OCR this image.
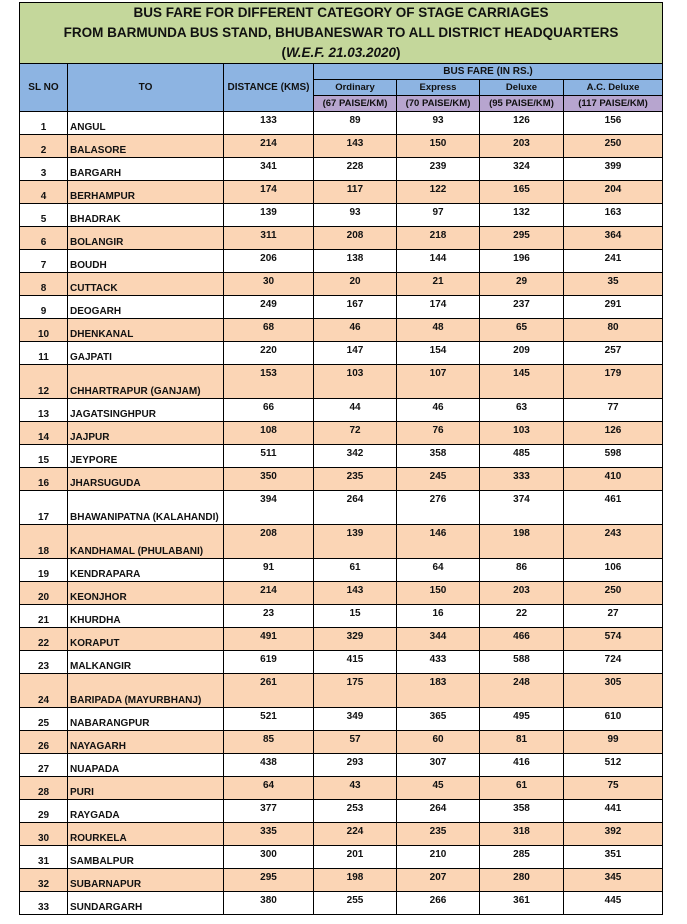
BUS FARE FOR DIFFERENT CATEGORY OF STAGE CARRIAGES
FROM BARMUNDA BUS STAND, BHUBANESWAR TO ALL DISTRICT HEADQUARTERS
(W.E.F. 21.03.2020)						

SL NO	TO	DISTANCE (KMS)	BUS FARE (IN RS.)			
			Ordinary	Express	Deluxe	A.C. Deluxe
			(67 PAISE/KM)	(70 PAISE/KM)	(95 PAISE/KM)	(117 PAISE/KM)
1	ANGUL	133	89	93	126	156
2	BALASORE	214	143	150	203	250
3	BARGARH	341	228	239	324	399
4	BERHAMPUR	174	117	122	165	204
5	BHADRAK	139	93	97	132	163
6	BOLANGIR	311	208	218	295	364
7	BOUDH	206	138	144	196	241
8	CUTTACK	30	20	21	29	35
9	DEOGARH	249	167	174	237	291
10	DHENKANAL	68	46	48	65	80
11	GAJPATI	220	147	154	209	257
12	CHHARTRAPUR (GANJAM)	153	103	107	145	179
13	JAGATSINGHPUR	66	44	46	63	77
14	JAJPUR	108	72	76	103	126
15	JEYPORE	511	342	358	485	598
16	JHARSUGUDA	350	235	245	333	410
17	BHAWANIPATNA (KALAHANDI)	394	264	276	374	461
18	KANDHAMAL (PHULABANI)	208	139	146	198	243
19	KENDRAPARA	91	61	64	86	106
20	KEONJHOR	214	143	150	203	250
21	KHURDHA	23	15	16	22	27
22	KORAPUT	491	329	344	466	574
23	MALKANGIR	619	415	433	588	724
24	BARIPADA (MAYURBHANJ)	261	175	183	248	305
25	NABARANGPUR	521	349	365	495	610
26	NAYAGARH	85	57	60	81	99
27	NUAPADA	438	293	307	416	512
28	PURI	64	43	45	61	75
29	RAYGADA	377	253	264	358	441
30	ROURKELA	335	224	235	318	392
31	SAMBALPUR	300	201	210	285	351
32	SUBARNAPUR	295	198	207	280	345
33	SUNDARGARH	380	255	266	361	445
